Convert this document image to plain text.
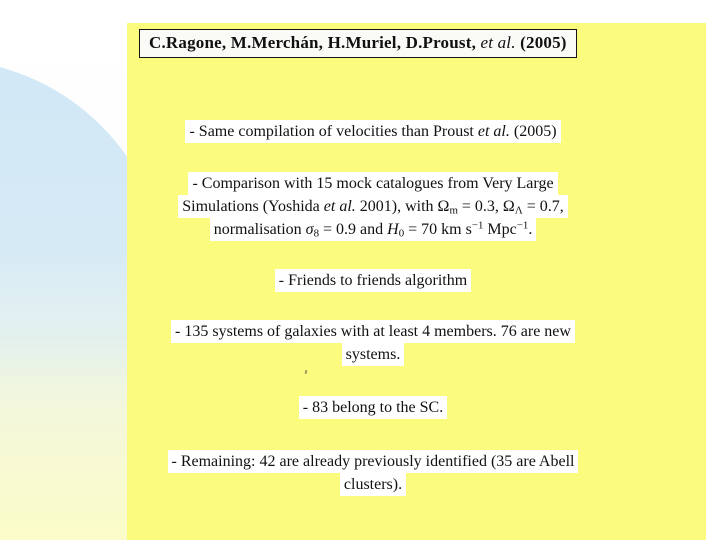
C.Ragone, M.Merchán, H.Muriel, D.Proust, et al. (2005)
- Same compilation of velocities than Proust et al. (2005)
- Comparison with 15 mock catalogues from Very Large
Simulations (Yoshida et al. 2001), with $\Omega_m = 0.3$, $\Omega_\Lambda = 0.7$,
normalisation $\sigma_8 = 0.9$ and $H_0 = 70$ km $s^{-1}$ Mpc$^{-1}$.
- Friends to friends algorithm
- 135 systems of galaxies with at least 4 members. 76 are new
systems.
- 83 belong to the SC.
- Remaining: 42 are already previously identified (35 are Abell
clusters).
